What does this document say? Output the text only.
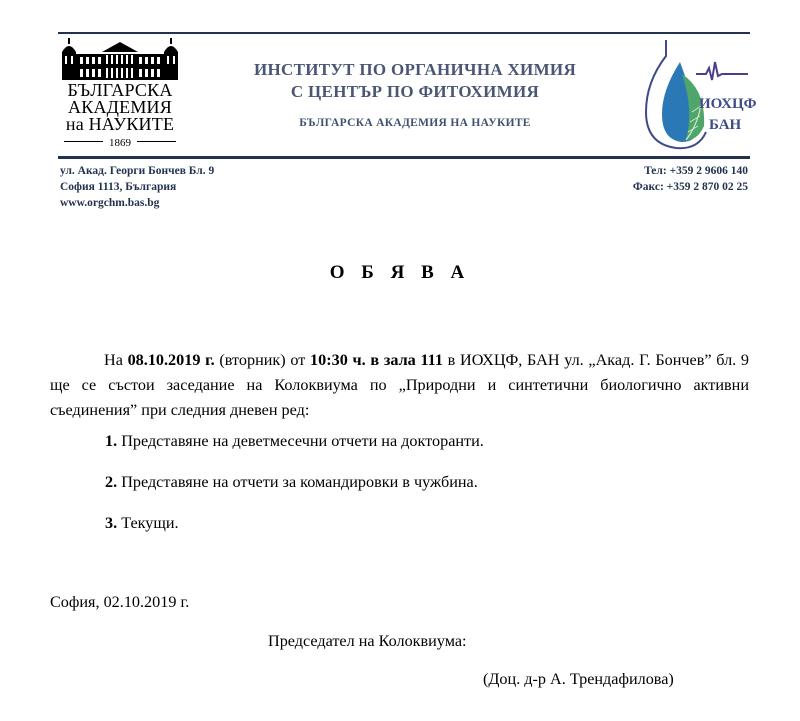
БЪЛГАРСКА
АКАДЕМИЯ
на НАУКИТЕ
1869
ИНСТИТУТ ПО ОРГАНИЧНА ХИМИЯ
С ЦЕНТЪР ПО ФИТОХИМИЯ
БЪЛГАРСКА АКАДЕМИЯ НА НАУКИТЕ
ИОХЦФ
БАН
ул. Акад. Георги Бончев Бл. 9
София 1113, България
www.orgchm.bas.bg
Тел: +359 2 9606 140
Факс: +359 2 870 02 25
О Б Я В А

На 08.10.2019 г. (вторник) от 10:30 ч. в зала 111 в ИОХЦФ, БАН ул. „Акад. Г. Бончев” бл. 9 ще се състои заседание на Колоквиума по „Природни и синтетични биологично активни съединения” при следния дневен ред:

1. Представяне на деветмесечни отчети на докторанти.
2. Представяне на отчети за командировки в чужбина.
3. Текущи.
София, 02.10.2019 г.
Председател на Колоквиума:
(Доц. д-р А. Трендафилова)
